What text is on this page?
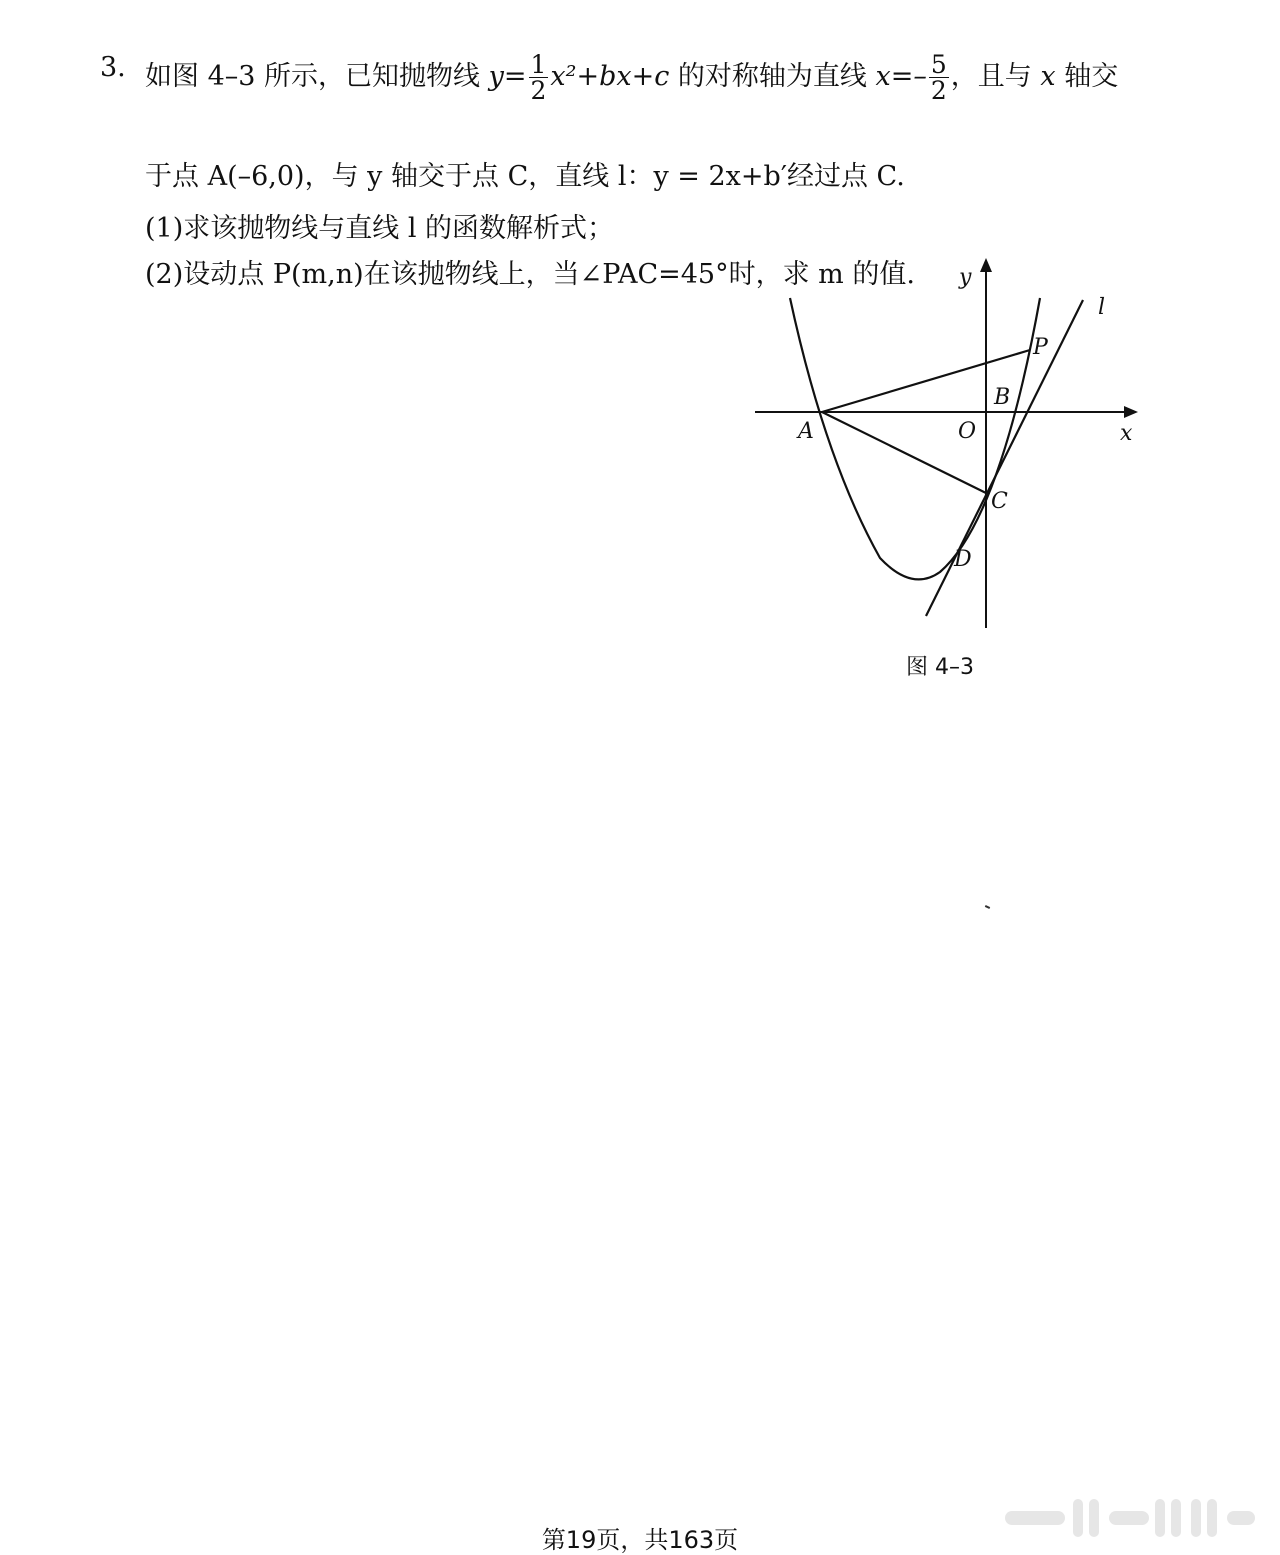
3. 如图 4–3 所示，已知抛物线 $y= \frac{1}{2} x^2+bx+c$ 的对称轴为直线 $x=- \frac{5}{2}$ ，且与 x 轴交
于点 A(–6,0)，与 y 轴交于点 C，直线 l：y = 2x+b′经过点 C.
(1)求该抛物线与直线 l 的函数解析式；
(2)设动点 P(m,n)在该抛物线上，当∠PAC=45°时，求 m 的值. y
x
l
O
A
B
C
D
P
图 4–3
第19页，共163页
